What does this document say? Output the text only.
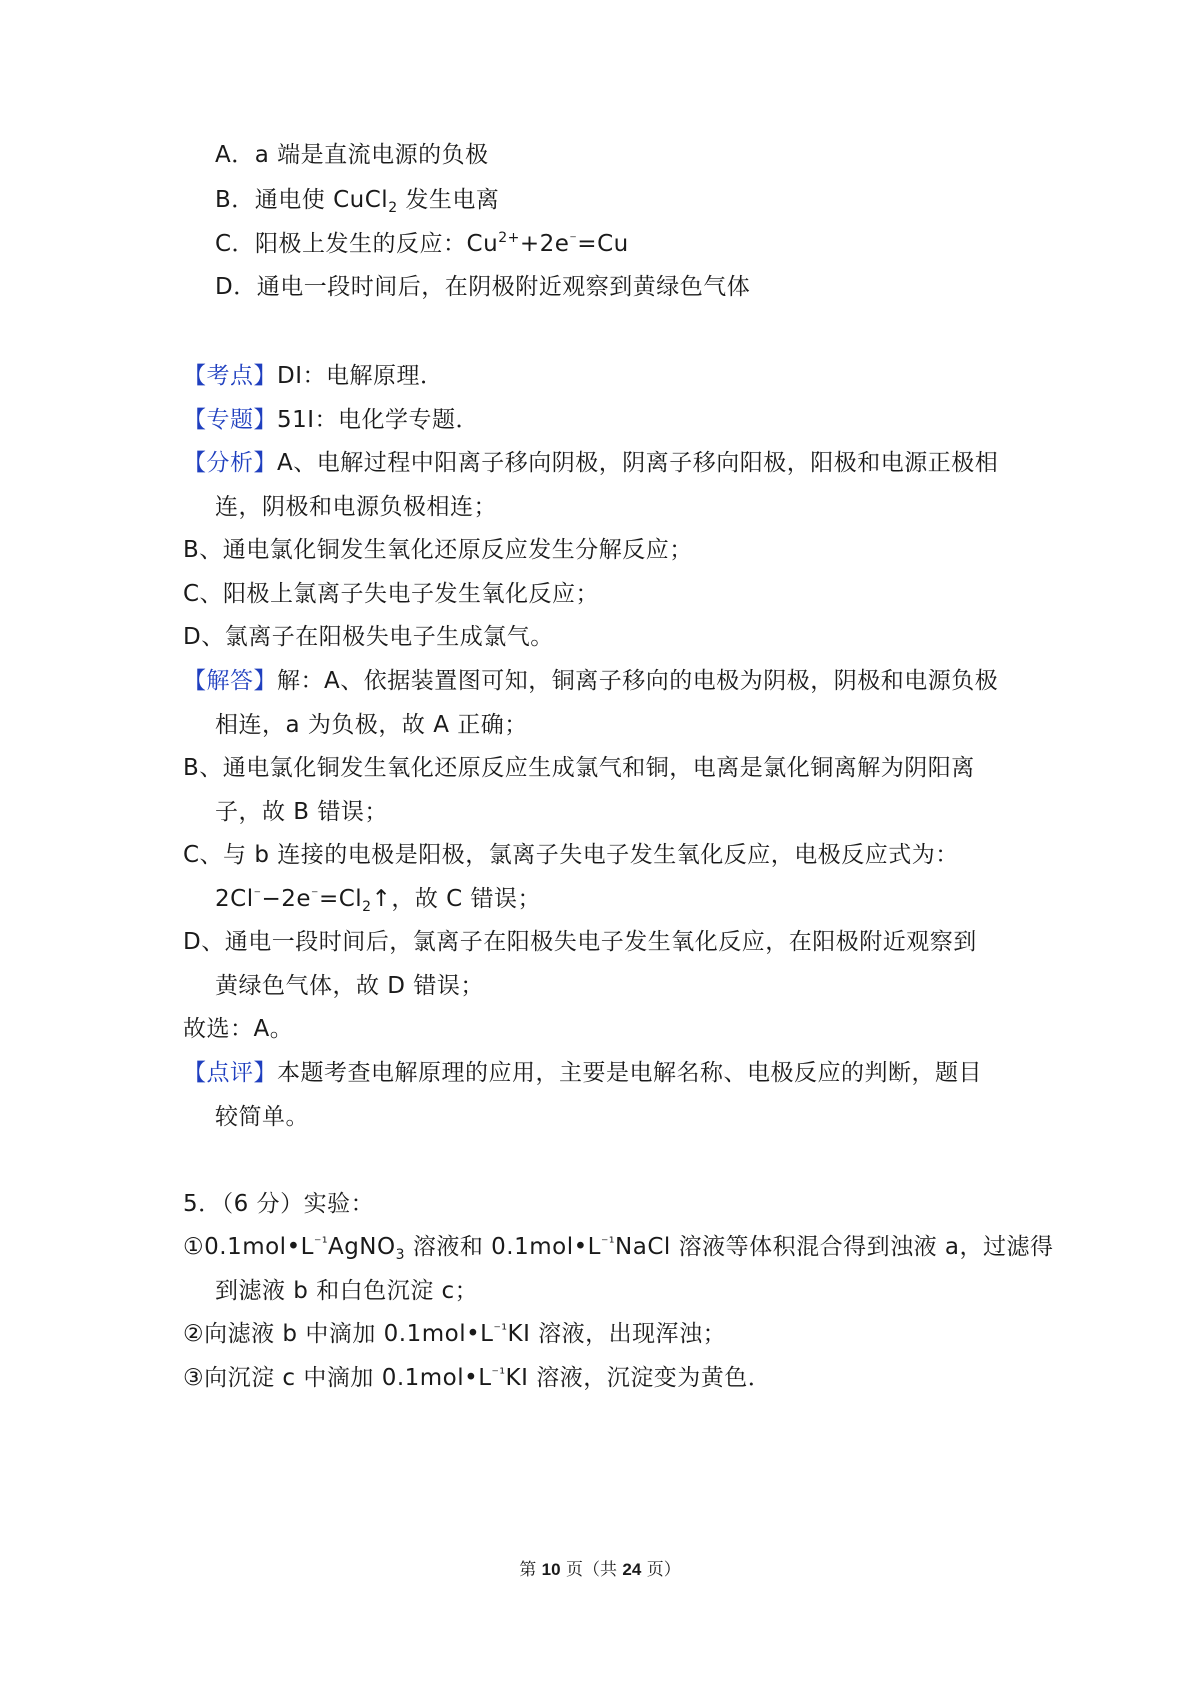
A．a 端是直流电源的负极
B．通电使 CuCl$_2$ 发生电离
C．阳极上发生的反应：$Cu^{2+}+2e^{^-}=Cu$
D．通电一段时间后，在阴极附近观察到黄绿色气体
【考点】DI：电解原理．
【专题】51I：电化学专题．
【分析】A、电解过程中阳离子移向阴极，阴离子移向阳极，阳极和电源正极相
连，阴极和电源负极相连；
B、通电氯化铜发生氧化还原反应发生分解反应；
C、阳极上氯离子失电子发生氧化反应；
D、氯离子在阳极失电子生成氯气。
【解答】解：A、依据装置图可知，铜离子移向的电极为阴极，阴极和电源负极
相连，a 为负极，故 A 正确；
B、通电氯化铜发生氧化还原反应生成氯气和铜，电离是氯化铜离解为阴阳离
子，故 B 错误；
C、与 b 连接的电极是阳极，氯离子失电子发生氧化反应，电极反应式为：
$2Cl^{^-}-2e^{^-}=Cl_2↑$，故 C 错误；
D、通电一段时间后，氯离子在阳极失电子发生氧化反应，在阳极附近观察到
黄绿色气体，故 D 错误；
故选：A。
【点评】本题考查电解原理的应用，主要是电解名称、电极反应的判断，题目
较简单。
5．（6 分）实验：
$①0.1mol•L^{^{-1}}AgNO_3$ 溶液和 $0.1mol•L^{^{-1}}NaCl$ 溶液等体积混合得到浊液 a，过滤得
到滤液 b 和白色沉淀 c；
②向滤液 b 中滴加 $0.1mol•L^{^{-1}}KI$ 溶液，出现浑浊；
③向沉淀 c 中滴加 $0.1mol•L^{^{-1}}KI$ 溶液，沉淀变为黄色．
第 10 页（共 24 页）
